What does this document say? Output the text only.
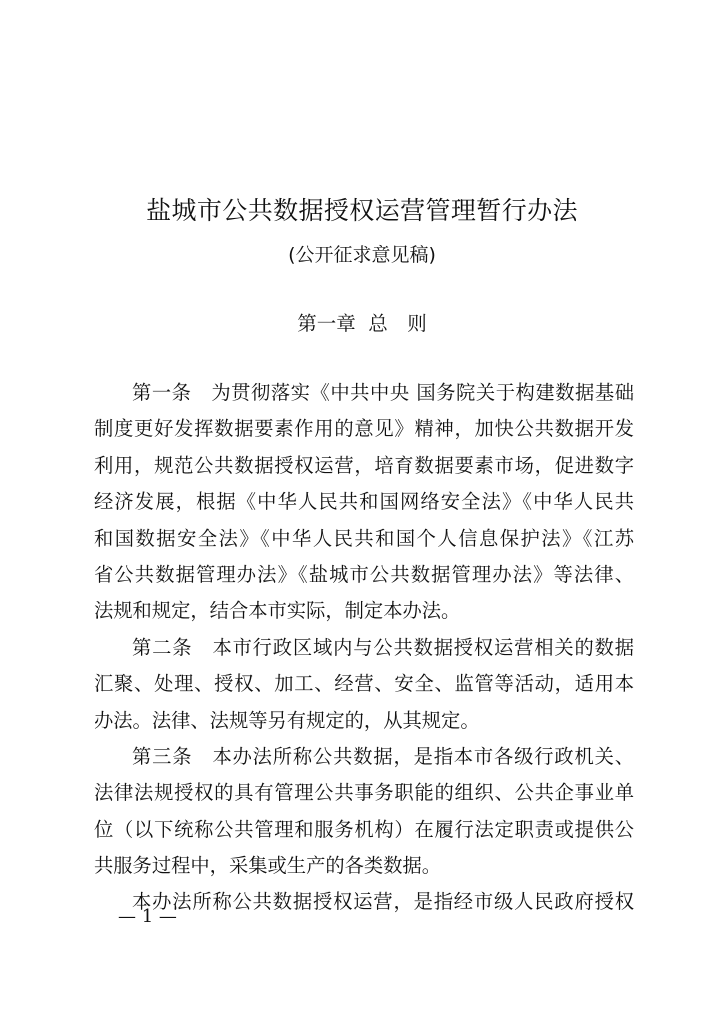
盐城市公共数据授权运营管理暂行办法
(公开征求意见稿)
第一章 总　则
第一条　为贯彻落实《中共中央 国务院关于构建数据基础
制度更好发挥数据要素作用的意见》精神，加快公共数据开发
利用，规范公共数据授权运营，培育数据要素市场，促进数字
经济发展，根据《中华人民共和国网络安全法》《中华人民共
和国数据安全法》《中华人民共和国个人信息保护法》《江苏
省公共数据管理办法》《盐城市公共数据管理办法》等法律、
法规和规定，结合本市实际，制定本办法。
第二条　本市行政区域内与公共数据授权运营相关的数据
汇聚、处理、授权、加工、经营、安全、监管等活动，适用本
办法。法律、法规等另有规定的，从其规定。
第三条　本办法所称公共数据，是指本市各级行政机关、
法律法规授权的具有管理公共事务职能的组织、公共企事业单
位（以下统称公共管理和服务机构）在履行法定职责或提供公
共服务过程中，采集或生产的各类数据。
本办法所称公共数据授权运营，是指经市级人民政府授权
— 1 —
